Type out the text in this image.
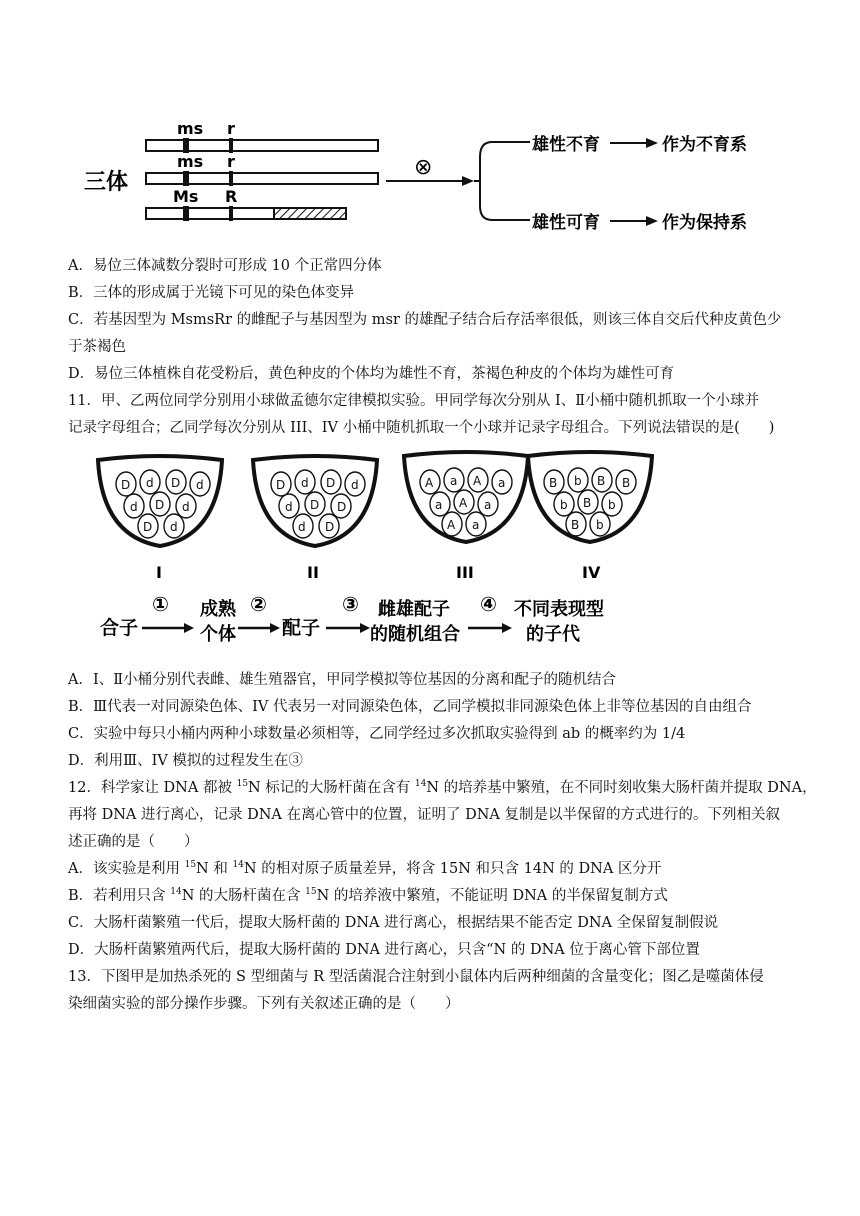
三体
ms r
ms r
Ms R
⊗
雄性不育	作为不育系
雄性可育	作为保持系
A．易位三体减数分裂时可形成 10 个正常四分体
B．三体的形成属于光镜下可见的染色体变异
C．若基因型为 MsmsRr 的雌配子与基因型为 msr 的雄配子结合后存活率很低，则该三体自交后代种皮黄色少
于茶褐色
D．易位三体植株自花受粉后，黄色种皮的个体均为雄性不育，茶褐色种皮的个体均为雄性可育
11．甲、乙两位同学分别用小球做孟德尔定律模拟实验。甲同学每次分别从 I、Ⅱ小桶中随机抓取一个小球并
记录字母组合；乙同学每次分别从 III、IV 小桶中随机抓取一个小球并记录字母组合。下列说法错误的是(　　)
D d D d
d D d
D d
I
D d D d
d D D
d D
II
A a A a
a A a
A a
III
B b B B
b B b
B b
IV
合子
① 成熟
个体
②
配子
③ 雌雄配子
的随机组合
④ 不同表现型
的子代
A．I、Ⅱ小桶分别代表雌、雄生殖器官，甲同学模拟等位基因的分离和配子的随机结合
B．Ⅲ代表一对同源染色体、IV 代表另一对同源染色体，乙同学模拟非同源染色体上非等位基因的自由组合
C．实验中每只小桶内两种小球数量必须相等，乙同学经过多次抓取实验得到 ab 的概率约为 1/4
D．利用Ⅲ、IV 模拟的过程发生在③
12．科学家让 DNA 都被 $^{15}$N 标记的大肠杆菌在含有 $^{14}$N 的培养基中繁殖，在不同时刻收集大肠杆菌并提取 DNA，
再将 DNA 进行离心，记录 DNA 在离心管中的位置，证明了 DNA 复制是以半保留的方式进行的。下列相关叙
述正确的是（　　）
A．该实验是利用 $^{15}$N 和 $^{14}$N 的相对原子质量差异，将含 15N 和只含 14N 的 DNA 区分开
B．若利用只含 $^{14}$N 的大肠杆菌在含 $^{15}$N 的培养液中繁殖，不能证明 DNA 的半保留复制方式
C．大肠杆菌繁殖一代后，提取大肠杆菌的 DNA 进行离心，根据结果不能否定 DNA 全保留复制假说
D．大肠杆菌繁殖两代后，提取大肠杆菌的 DNA 进行离心，只含“N 的 DNA 位于离心管下部位置
13．下图甲是加热杀死的 S 型细菌与 R 型活菌混合注射到小鼠体内后两种细菌的含量变化；图乙是噬菌体侵
染细菌实验的部分操作步骤。下列有关叙述正确的是（　　）
